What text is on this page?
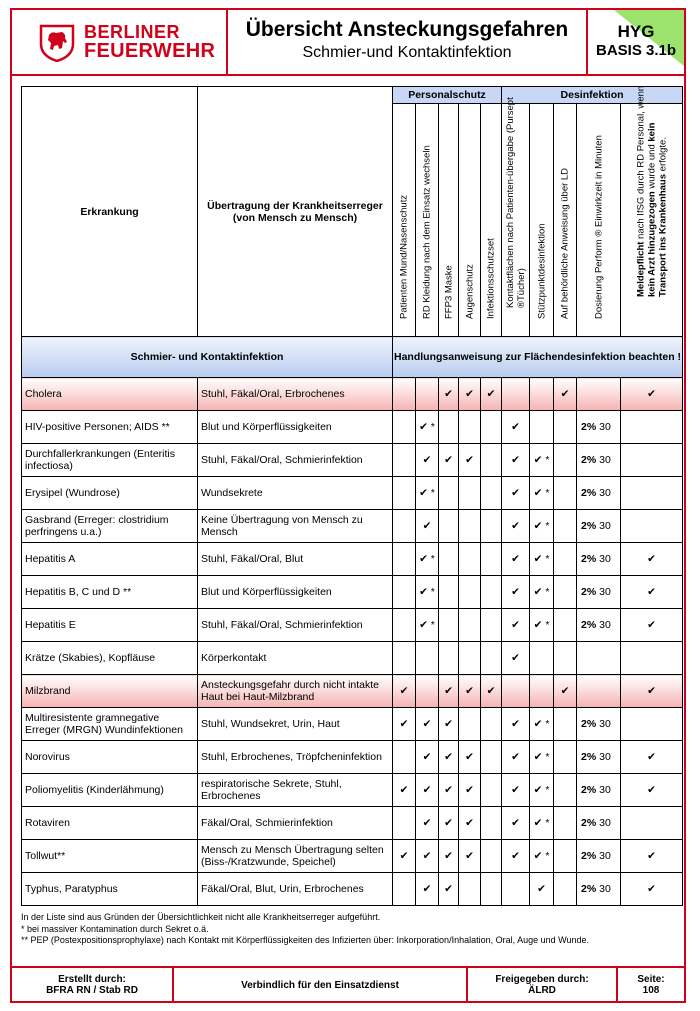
BERLINER
FEUERWEHR
Übersicht Ansteckungsgefahren
Schmier-und Kontaktinfektion
HYG
BASIS 3.1b
Erkrankung	Übertragung der Krankheitserreger (von Mensch zu Mensch)	Personalschutz					Desinfektion				

		Patienten Mund/Nasenschutz	RD Kleidung nach dem Einsatz wechseln	FFP3 Maske	Augenschutz	Infektionsschutzset	Kontaktflächen nach Patienten-übergabe (Pursept ®Tücher)	Stützpunktdesinfektion	Auf behördliche Anweisung über LD	Dosierung Perform ® Einwirkzeit in Minuten	Meldepflicht nach IfSG durch RD Personal, wenn kein Arzt hinzugezogen wurde und kein Transport ins Krankenhaus erfolgte.

Schmier- und Kontaktinfektion		Handlungsanweisung zur Flächendesinfektion beachten !									
Cholera	Stuhl, Fäkal/Oral, Erbrochenes			✔	✔	✔			✔		✔
HIV-positive Personen; AIDS **	Blut und Körperflüssigkeiten		✔ *				✔			2% 30	
Durchfallerkrankungen (Enteritis infectiosa)	Stuhl, Fäkal/Oral, Schmierinfektion		✔	✔	✔		✔	✔ *		2% 30	
Erysipel (Wundrose)	Wundsekrete		✔ *				✔	✔ *		2% 30	
Gasbrand (Erreger: clostridium perfringens u.a.)	Keine Übertragung von Mensch zu Mensch		✔				✔	✔ *		2% 30	
Hepatitis A	Stuhl, Fäkal/Oral, Blut		✔ *				✔	✔ *		2% 30	✔
Hepatitis B, C und D **	Blut und Körperflüssigkeiten		✔ *				✔	✔ *		2% 30	✔
Hepatitis E	Stuhl, Fäkal/Oral, Schmierinfektion		✔ *				✔	✔ *		2% 30	✔
Krätze (Skabies), Kopfläuse	Körperkontakt						✔				
Milzbrand	Ansteckungsgefahr durch nicht intakte Haut bei Haut-Milzbrand	✔		✔	✔	✔			✔		✔
Multiresistente gramnegative Erreger (MRGN) Wundinfektionen	Stuhl, Wundsekret, Urin, Haut	✔	✔	✔			✔	✔ *		2% 30	
Norovirus	Stuhl, Erbrochenes, Tröpfcheninfektion		✔	✔	✔		✔	✔ *		2% 30	✔
Poliomyelitis (Kinderlähmung)	respiratorische Sekrete, Stuhl, Erbrochenes	✔	✔	✔	✔		✔	✔ *		2% 30	✔
Rotaviren	Fäkal/Oral, Schmierinfektion		✔	✔	✔		✔	✔ *		2% 30	
Tollwut**	Mensch zu Mensch Übertragung selten (Biss-/Kratzwunde, Speichel)	✔	✔	✔	✔		✔	✔ *		2% 30	✔
Typhus, Paratyphus	Fäkal/Oral, Blut, Urin, Erbrochenes		✔	✔				✔		2% 30	✔
In der Liste sind aus Gründen der Übersichtlichkeit nicht alle Krankheitserreger aufgeführt.
* bei massiver Kontamination durch Sekret o.ä.
** PEP (Postexpositionsprophylaxe) nach Kontakt mit Körperflüssigkeiten des Infizierten über: Inkorporation/Inhalation, Oral, Auge und Wunde.
Erstellt durch:
BFRA RN / Stab RD	Verbindlich für den Einsatzdienst
Freigegeben durch:
ÄLRD
Seite:
108
